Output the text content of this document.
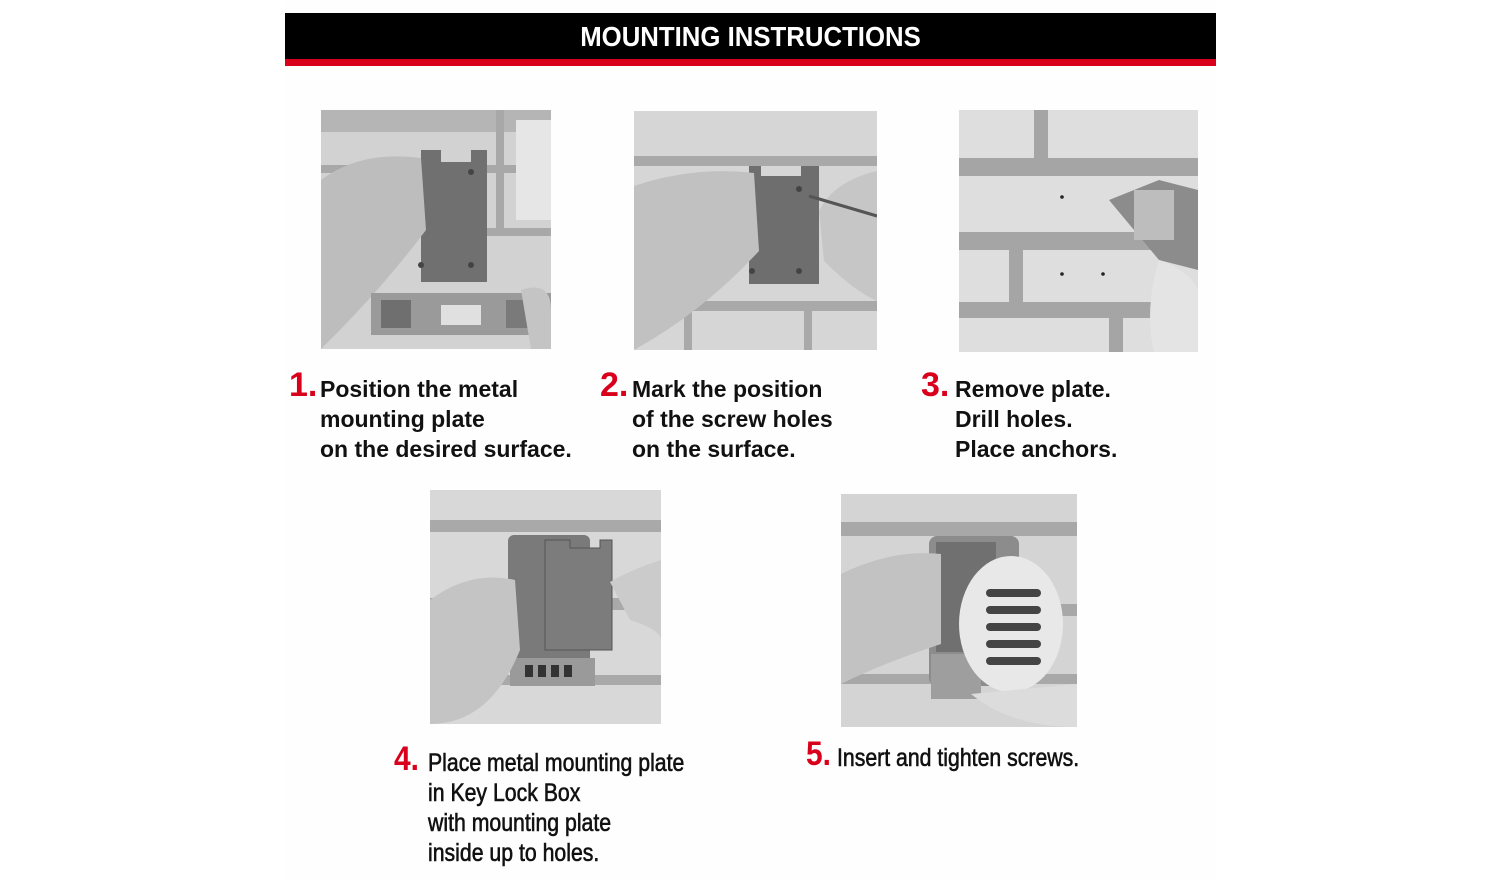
MOUNTING INSTRUCTIONS
1. Position the metal
mounting plate
on the desired surface.
2. Mark the position
of the screw holes
on the surface.
3. Remove plate.
Drill holes.
Place anchors.
4. Place metal mounting plate
in Key Lock Box
with mounting plate
inside up to holes.
5. Insert and tighten screws.
